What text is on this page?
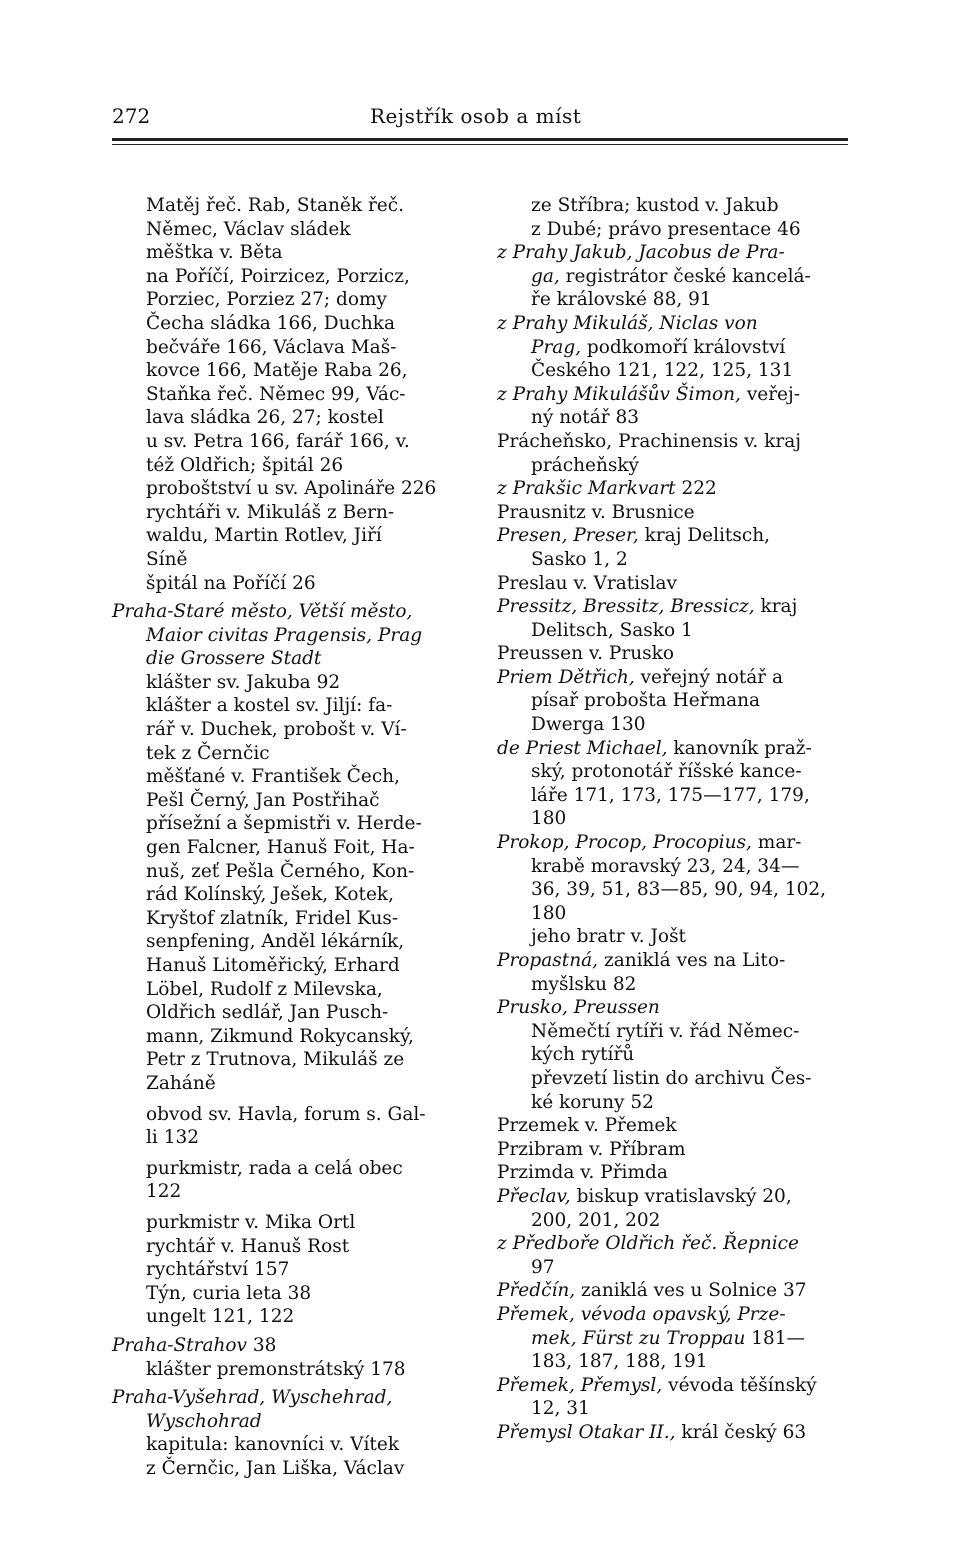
272	Rejstřík osob a míst
Matěj řeč. Rab, Staněk řeč.
Němec, Václav sládek
měštka v. Běta
na Poříčí, Poirzicez, Porzicz,
Porziec, Porziez 27; domy
Čecha sládka 166, Duchka
bečváře 166, Václava Maš-
kovce 166, Matěje Raba 26,
Staňka řeč. Němec 99, Vác-
lava sládka 26, 27; kostel
u sv. Petra 166, farář 166, v.
též Oldřich; špitál 26
proboštství u sv. Apolináře 226
rychtáři v. Mikuláš z Bern-
waldu, Martin Rotlev, Jiří
Síně
špitál na Poříčí 26
Praha-Staré město, Větší město,
Maior civitas Pragensis, Prag
die Grossere Stadt
klášter sv. Jakuba 92
klášter a kostel sv. Jiljí: fa-
rář v. Duchek, probošt v. Ví-
tek z Černčic
měšťané v. František Čech,
Pešl Černý, Jan Postřihač
přísežní a šepmistři v. Herde-
gen Falcner, Hanuš Foit, Ha-
nuš, zeť Pešla Černého, Kon-
rád Kolínský, Ješek, Kotek,
Kryštof zlatník, Fridel Kus-
senpfening, Anděl lékárník,
Hanuš Litoměřický, Erhard
Löbel, Rudolf z Milevska,
Oldřich sedlář, Jan Pusch-
mann, Zikmund Rokycanský,
Petr z Trutnova, Mikuláš ze
Zaháně
obvod sv. Havla, forum s. Gal-
li 132
purkmistr, rada a celá obec
122
purkmistr v. Mika Ortl
rychtář v. Hanuš Rost
rychtářství 157
Týn, curia leta 38
ungelt 121, 122
Praha-Strahov 38
klášter premonstrátský 178
Praha-Vyšehrad, Wyschehrad,
Wyschohrad
kapitula: kanovníci v. Vítek
z Černčic, Jan Liška, Václav
ze Stříbra; kustod v. Jakub
z Dubé; právo presentace 46
z Prahy Jakub, Jacobus de Pra-
ga, registrátor české kancelá-
ře královské 88, 91
z Prahy Mikuláš, Niclas von
Prag, podkomoří království
Českého 121, 122, 125, 131
z Prahy Mikulášův Šimon, veřej-
ný notář 83
Prácheňsko, Prachinensis v. kraj
prácheňský
z Prakšic Markvart 222
Prausnitz v. Brusnice
Presen, Preser, kraj Delitsch,
Sasko 1, 2
Preslau v. Vratislav
Pressitz, Bressitz, Bressicz, kraj
Delitsch, Sasko 1
Preussen v. Prusko
Priem Dětřich, veřejný notář a
písař probošta Heřmana
Dwerga 130
de Priest Michael, kanovník praž-
ský, protonotář říšské kance-
láře 171, 173, 175—177, 179,
180
Prokop, Procop, Procopius, mar-
krabě moravský 23, 24, 34—
36, 39, 51, 83—85, 90, 94, 102,
180
jeho bratr v. Jošt
Propastná, zaniklá ves na Lito-
myšlsku 82
Prusko, Preussen
Němečtí rytíři v. řád Němec-
kých rytířů
převzetí listin do archivu Čes-
ké koruny 52
Przemek v. Přemek
Przibram v. Příbram
Przimda v. Přimda
Přeclav, biskup vratislavský 20,
200, 201, 202
z Předboře Oldřich řeč. Řepnice
97
Předčín, zaniklá ves u Solnice 37
Přemek, vévoda opavský, Prze-
mek, Fürst zu Troppau 181—
183, 187, 188, 191
Přemek, Přemysl, vévoda těšínský
12, 31
Přemysl Otakar II., král český 63
